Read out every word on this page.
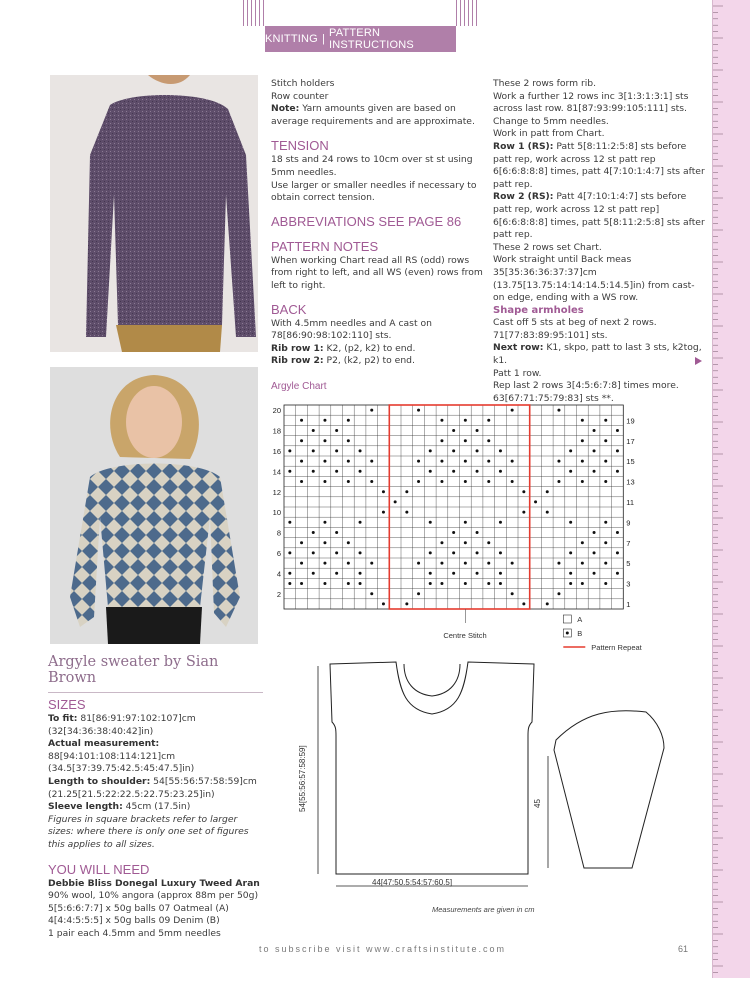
KNITTING | PATTERN INSTRUCTIONS
Argyle sweater by Sian Brown
SIZES

To fit: 81[86:91:97:102:107]cm (32[34:36:38:40:42]in)

Actual measurement: 88[94:101:108:114:121]cm (34.5[37:39.75:42.5:45:47.5]in)

Length to shoulder: 54[55:56:57:58:59]cm (21.25[21.5:22:22.5:22.75:23.25]in)

Sleeve length: 45cm (17.5in)

Figures in square brackets refer to larger sizes: where there is only one set of figures this applies to all sizes.

YOU WILL NEED

Debbie Bliss Donegal Luxury Tweed Aran

90% wool, 10% angora (approx 88m per 50g)

5[5:6:6:7:7] x 50g balls 07 Oatmeal (A)

4[4:4:5:5:5] x 50g balls 09 Denim (B)

1 pair each 4.5mm and 5mm needles

Stitch holders

Row counter

Note: Yarn amounts given are based on average requirements and are approximate.

TENSION

18 sts and 24 rows to 10cm over st st using 5mm needles.

Use larger or smaller needles if necessary to obtain correct tension.

ABBREVIATIONS SEE PAGE 86
PATTERN NOTES

When working Chart read all RS (odd) rows from right to left, and all WS (even) rows from left to right.

BACK

With 4.5mm needles and A cast on 78[86:90:98:102:110] sts.

Rib row 1: K2, (p2, k2) to end.

Rib row 2: P2, (k2, p2) to end.

These 2 rows form rib.

Work a further 12 rows inc 3[1:3:1:3:1] sts across last row. 81[87:93:99:105:111] sts.

Change to 5mm needles.

Work in patt from Chart.

Row 1 (RS): Patt 5[8:11:2:5:8] sts before patt rep, work across 12 st patt rep 6[6:6:8:8:8] times, patt 4[7:10:1:4:7] sts after patt rep.

Row 2 (RS): Patt 4[7:10:1:4:7] sts before patt rep, work across 12 st patt rep] 6[6:6:8:8:8] times, patt 5[8:11:2:5:8] sts after patt rep.

These 2 rows set Chart.

Work straight until Back meas 35[35:36:36:37:37]cm (13.75[13.75:14:14:14.5:14.5]in) from cast-on edge, ending with a WS row.

Shape armholes

Cast off 5 sts at beg of next 2 rows. 71[77:83:89:95:101] sts.

Next row: K1, skpo, patt to last 3 sts, k2tog, k1.

Patt 1 row.

Rep last 2 rows 3[4:5:6:7:8] times more. 63[67:71:75:79:83] sts **.

Argyle Chart
2
4
6
8
10
12
14
16
18
20
1
3
5
7
9
11
13
15
17
19
Centre Stitch
A
B
Pattern Repeat
54[55:56:57:58:59]
44[47:50.5:54:57:60.5]
45
Measurements are given in cm
to subscribe visit www.craftsinstitute.com	61
